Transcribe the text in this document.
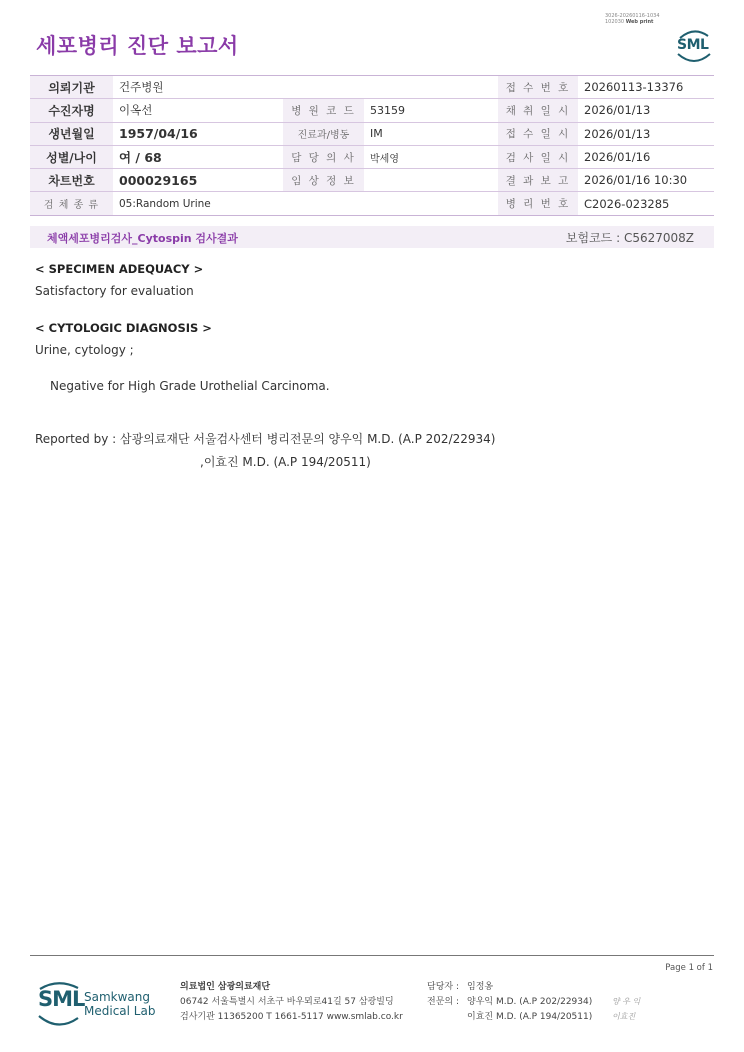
3026-20260116-1034
102030 Web print
세포병리 진단 보고서	SML
의뢰기관	건주병원			접 수 번 호	20260113-13376
수진자명	이옥선	병 원 코 드	53159	채 취 일 시	2026/01/13
생년월일	1957/04/16	진료과/병동	IM	접 수 일 시	2026/01/13
성별/나이	여 / 68	담 당 의 사	박세영	검 사 일 시	2026/01/16
차트번호	000029165	임 상 정 보		결 과 보 고	2026/01/16 10:30
검 체 종 류	05:Random Urine			병 리 번 호	C2026-023285
체액세포병리검사_Cytospin 검사결과	보험코드 : C5627008Z
< SPECIMEN ADEQUACY >
Satisfactory for evaluation
< CYTOLOGIC DIAGNOSIS >
Urine, cytology ;
Negative for High Grade Urothelial Carcinoma.
Reported by : 삼광의료재단 서울검사센터 병리전문의 양우익 M.D. (A.P 202/22934)
,이효진 M.D. (A.P 194/20511)
Page 1 of 1
SML Samkwang
Medical Lab
의료법인 삼광의료재단
06742 서울특별시 서초구 바우뫼로41길 57 삼광빌딩
검사기관 11365200 T 1661-5117 www.smlab.co.kr
담당자 : 임정옹
전문의 : 양우익 M.D. (A.P 202/22934)
이효진 M.D. (A.P 194/20511)
양 우 익
이효진
